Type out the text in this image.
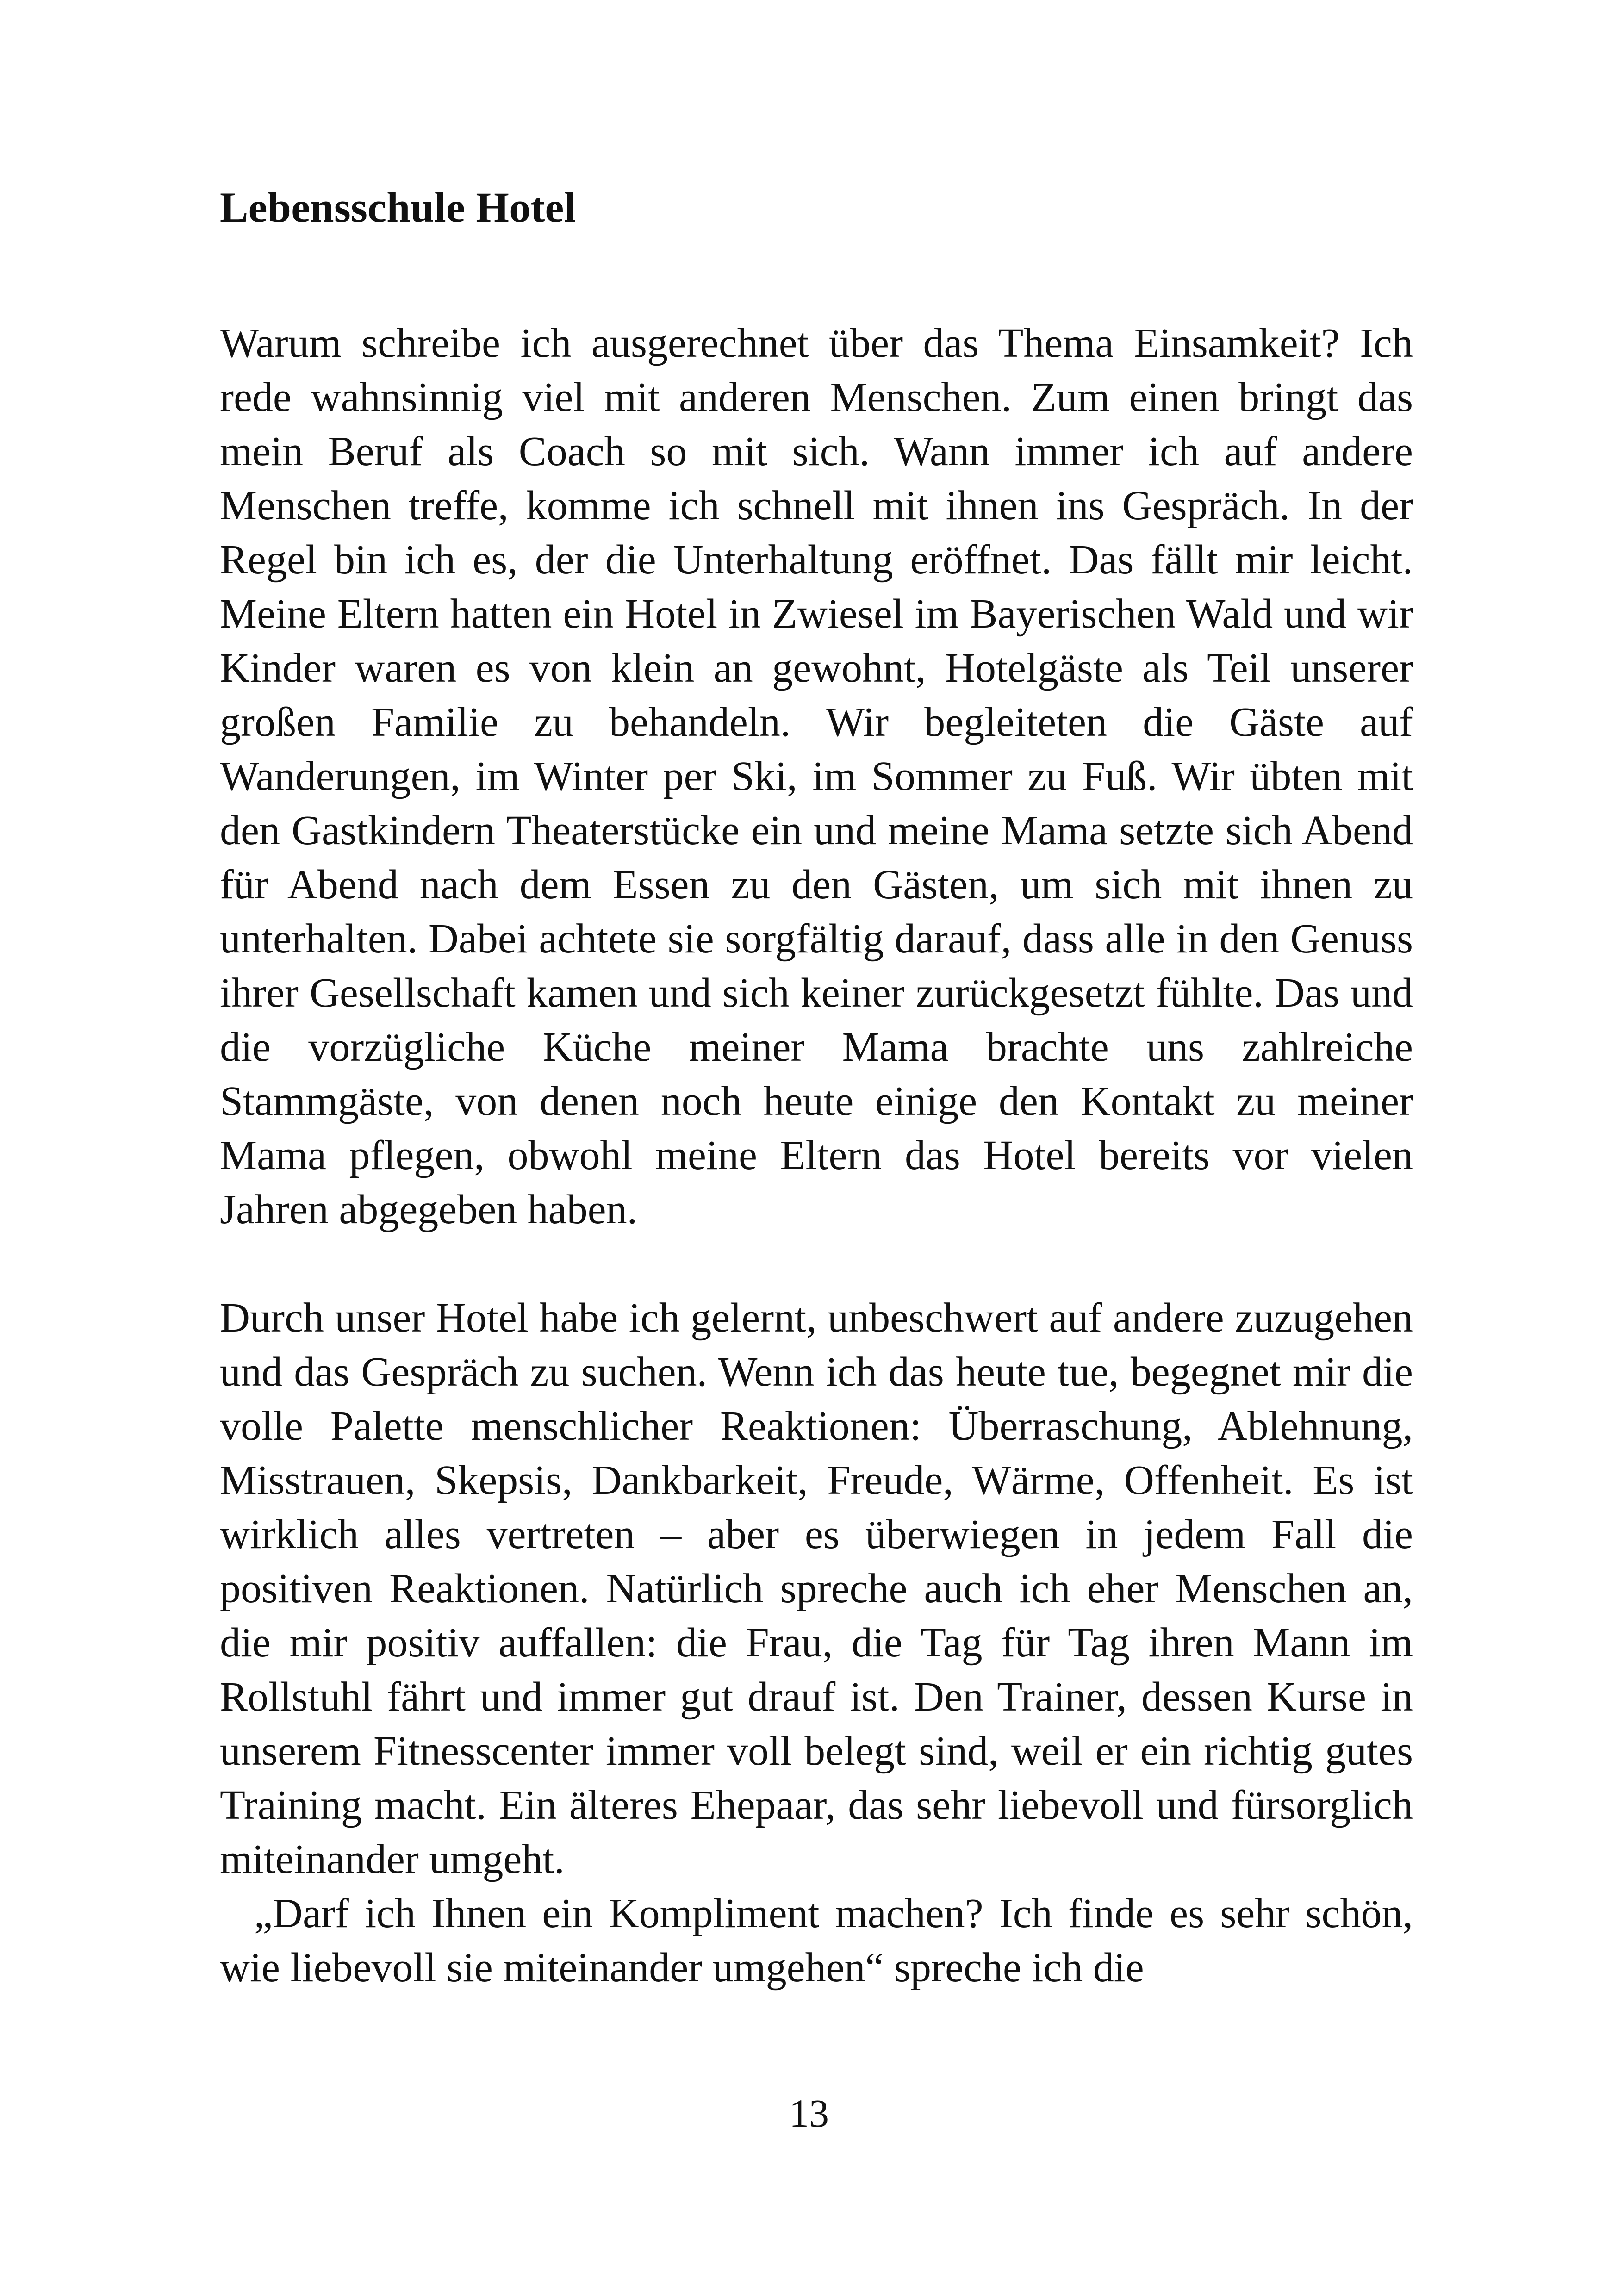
Lebensschule Hotel

Warum schreibe ich ausgerechnet über das Thema Einsamkeit? Ich rede wahnsinnig viel mit anderen Menschen. Zum einen bringt das mein Beruf als Coach so mit sich. Wann immer ich auf andere Menschen treffe, komme ich schnell mit ihnen ins Gespräch. In der Regel bin ich es, der die Unterhaltung eröffnet. Das fällt mir leicht. Meine Eltern hatten ein Hotel in Zwiesel im Bayerischen Wald und wir Kinder waren es von klein an gewohnt, Hotelgäste als Teil unserer großen Familie zu behandeln. Wir begleiteten die Gäste auf Wanderungen, im Winter per Ski, im Sommer zu Fuß. Wir übten mit den Gastkindern Theaterstücke ein und meine Mama setzte sich Abend für Abend nach dem Essen zu den Gästen, um sich mit ihnen zu unterhalten. Dabei achtete sie sorgfältig darauf, dass alle in den Genuss ihrer Gesellschaft kamen und sich keiner zurückgesetzt fühlte. Das und die vorzügliche Küche meiner Mama brachte uns zahlreiche Stammgäste, von denen noch heute einige den Kontakt zu meiner Mama pflegen, obwohl meine Eltern das Hotel bereits vor vielen Jahren abgegeben haben.

Durch unser Hotel habe ich gelernt, unbeschwert auf andere zuzugehen und das Gespräch zu suchen. Wenn ich das heute tue, begegnet mir die volle Palette menschlicher Reaktionen: Überraschung, Ablehnung, Misstrauen, Skepsis, Dankbarkeit, Freude, Wärme, Offenheit. Es ist wirklich alles vertreten – aber es überwiegen in jedem Fall die positiven Reaktionen. Natürlich spreche auch ich eher Menschen an, die mir positiv auffallen: die Frau, die Tag für Tag ihren Mann im Rollstuhl fährt und immer gut drauf ist. Den Trainer, dessen Kurse in unserem Fitnesscenter immer voll belegt sind, weil er ein richtig gutes Training macht. Ein älteres Ehepaar, das sehr liebevoll und fürsorglich miteinander umgeht.

„Darf ich Ihnen ein Kompliment machen? Ich finde es sehr schön, wie liebevoll sie miteinander umgehen“ spreche ich die

13
